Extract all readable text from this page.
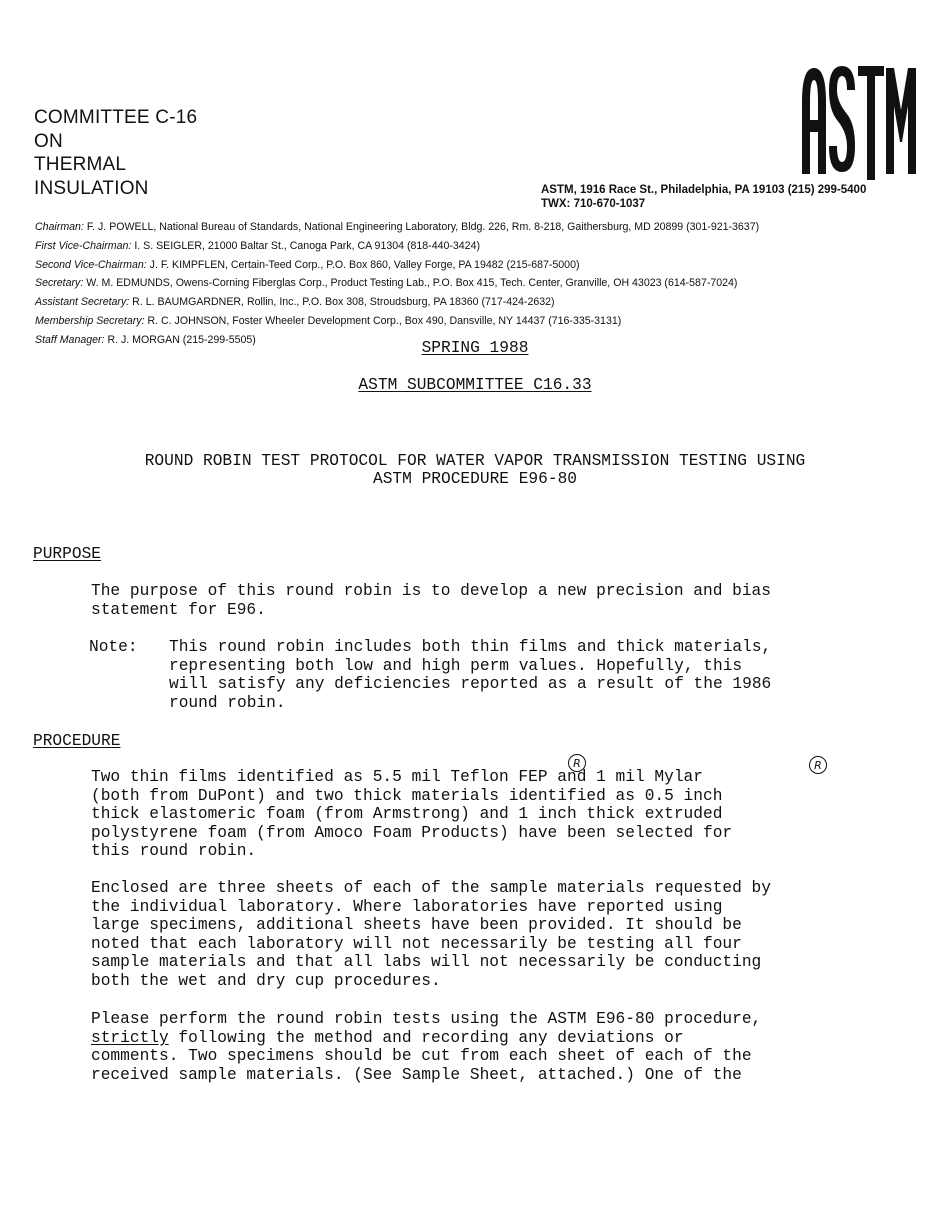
COMMITTEE C-16
ON
THERMAL
INSULATION	ASTM, 1916 Race St., Philadelphia, PA 19103 (215) 299-5400
TWX: 710-670-1037
Chairman: F. J. POWELL, National Bureau of Standards, National Engineering Laboratory, Bldg. 226, Rm. 8-218, Gaithersburg, MD 20899 (301-921-3637)
First Vice-Chairman: I. S. SEIGLER, 21000 Baltar St., Canoga Park, CA 91304 (818-440-3424)
Second Vice-Chairman: J. F. KIMPFLEN, Certain-Teed Corp., P.O. Box 860, Valley Forge, PA 19482 (215-687-5000)
Secretary: W. M. EDMUNDS, Owens-Corning Fiberglas Corp., Product Testing Lab., P.O. Box 415, Tech. Center, Granville, OH 43023 (614-587-7024)
Assistant Secretary: R. L. BAUMGARDNER, Rollin, Inc., P.O. Box 308, Stroudsburg, PA 18360 (717-424-2632)
Membership Secretary: R. C. JOHNSON, Foster Wheeler Development Corp., Box 490, Dansville, NY 14437 (716-335-3131)
Staff Manager: R. J. MORGAN (215-299-5505)	SPRING 1988
ASTM SUBCOMMITTEE C16.33
ROUND ROBIN TEST PROTOCOL FOR WATER VAPOR TRANSMISSION TESTING USING
ASTM PROCEDURE E96-80
PURPOSE
The purpose of this round robin is to develop a new precision and bias
statement for E96.
Note: This round robin includes both thin films and thick materials,
representing both low and high perm values. Hopefully, this
will satisfy any deficiencies reported as a result of the 1986
round robin.
PROCEDURE
R	R
Two thin films identified as 5.5 mil Teflon FEP and 1 mil Mylar
(both from DuPont) and two thick materials identified as 0.5 inch
thick elastomeric foam (from Armstrong) and 1 inch thick extruded
polystyrene foam (from Amoco Foam Products) have been selected for
this round robin.
Enclosed are three sheets of each of the sample materials requested by
the individual laboratory. Where laboratories have reported using
large specimens, additional sheets have been provided. It should be
noted that each laboratory will not necessarily be testing all four
sample materials and that all labs will not necessarily be conducting
both the wet and dry cup procedures.
Please perform the round robin tests using the ASTM E96-80 procedure,
strictly following the method and recording any deviations or
comments. Two specimens should be cut from each sheet of each of the
received sample materials. (See Sample Sheet, attached.) One of the
